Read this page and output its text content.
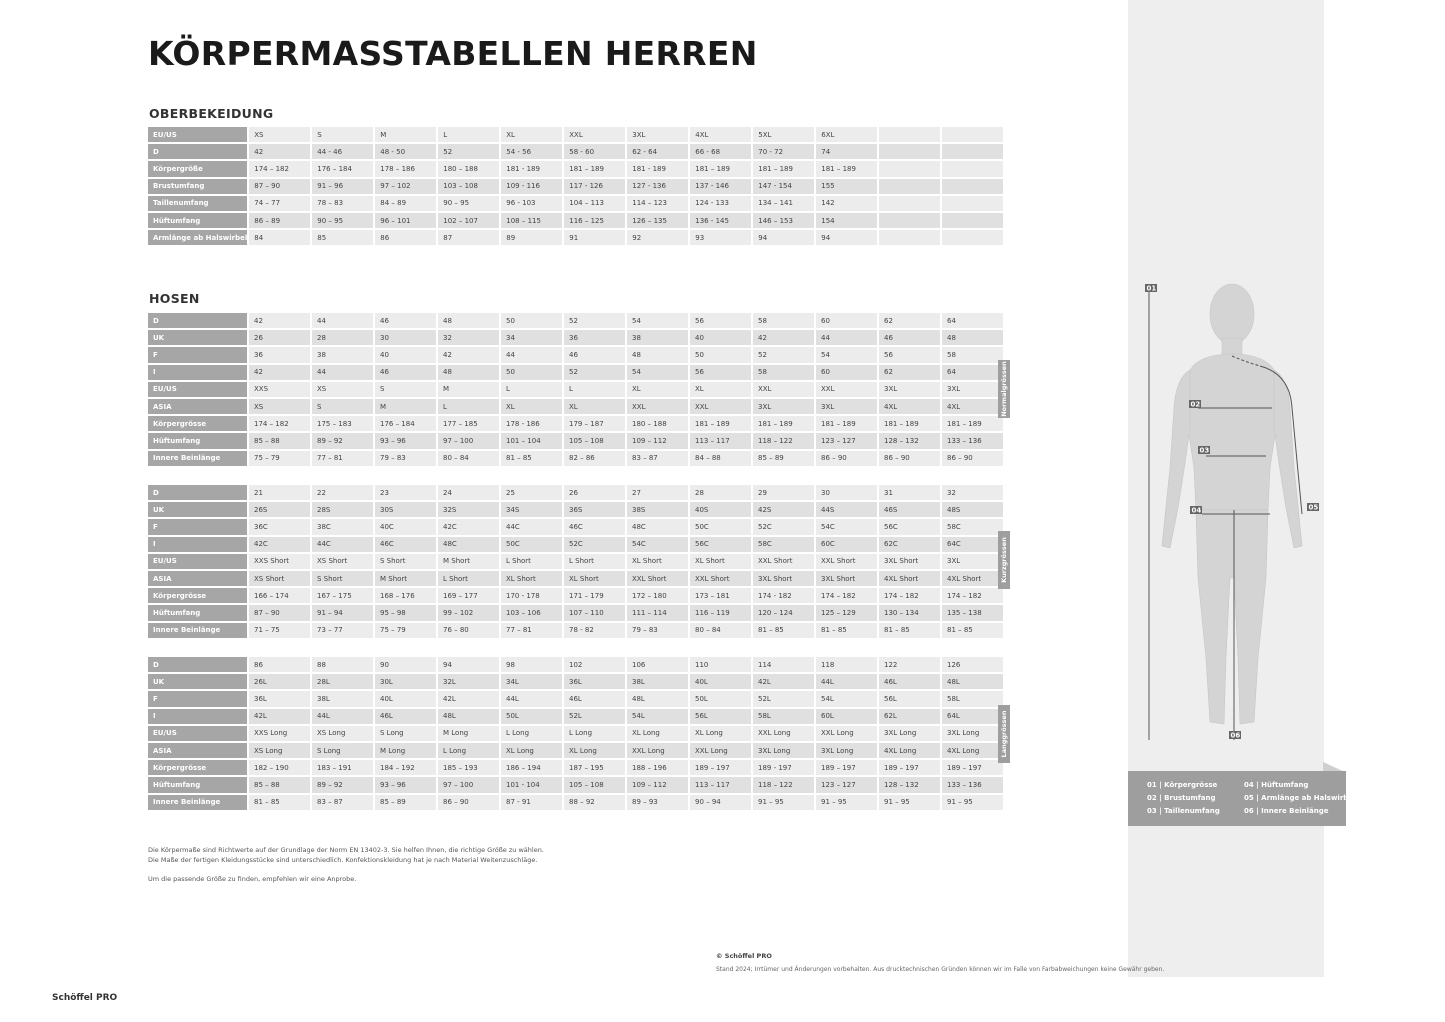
01
02
03
04	05
06
01 | Körpergrösse
02 | Brustumfang
03 | Taillenumfang
04 | Hüftumfang
05 | Armlänge ab Halswirbel
06 | Innere Beinlänge
KÖRPERMASSTABELLEN HERREN
OBERBEKEIDUNG
EU/US	XS	S	M	L	XL	XXL	3XL	4XL	5XL	6XL		
D	42	44 - 46	48 - 50	52	54 - 56	58 - 60	62 - 64	66 - 68	70 - 72	74		
Körpergröße	174 – 182	176 – 184	178 – 186	180 – 188	181 - 189	181 – 189	181 - 189	181 – 189	181 – 189	181 – 189		
Brustumfang	87 – 90	91 – 96	97 – 102	103 – 108	109 - 116	117 - 126	127 - 136	137 - 146	147 - 154	155		
Taillenumfang	74 – 77	78 – 83	84 – 89	90 – 95	96 - 103	104 – 113	114 – 123	124 - 133	134 – 141	142		
Hüftumfang	86 – 89	90 – 95	96 – 101	102 – 107	108 – 115	116 – 125	126 – 135	136 - 145	146 – 153	154		
Armlänge ab Halswirbel	84	85	86	87	89	91	92	93	94	94		
HOSEN
D	42	44	46	48	50	52	54	56	58	60	62	64
UK	26	28	30	32	34	36	38	40	42	44	46	48
F	36	38	40	42	44	46	48	50	52	54	56	58
I	42	44	46	48	50	52	54	56	58	60	62	64
EU/US	XXS	XS	S	M	L	L	XL	XL	XXL	XXL	3XL	3XL
ASIA	XS	S	M	L	XL	XL	XXL	XXL	3XL	3XL	4XL	4XL
Körpergrösse	174 – 182	175 – 183	176 – 184	177 – 185	178 - 186	179 – 187	180 – 188	181 – 189	181 – 189	181 – 189	181 – 189	181 – 189
Hüftumfang	85 – 88	89 – 92	93 – 96	97 – 100	101 – 104	105 – 108	109 – 112	113 – 117	118 – 122	123 – 127	128 – 132	133 – 136
Innere Beinlänge	75 – 79	77 – 81	79 – 83	80 – 84	81 – 85	82 – 86	83 – 87	84 – 88	85 – 89	86 – 90	86 – 90	86 – 90
Normalgrössen
D	21	22	23	24	25	26	27	28	29	30	31	32
UK	26S	28S	30S	32S	34S	36S	38S	40S	42S	44S	46S	48S
F	36C	38C	40C	42C	44C	46C	48C	50C	52C	54C	56C	58C
I	42C	44C	46C	48C	50C	52C	54C	56C	58C	60C	62C	64C
EU/US	XXS Short	XS Short	S Short	M Short	L Short	L Short	XL Short	XL Short	XXL Short	XXL Short	3XL Short	3XL
ASIA	XS Short	S Short	M Short	L Short	XL Short	XL Short	XXL Short	XXL Short	3XL Short	3XL Short	4XL Short	4XL Short
Körpergrösse	166 – 174	167 – 175	168 – 176	169 – 177	170 - 178	171 – 179	172 – 180	173 – 181	174 - 182	174 – 182	174 – 182	174 – 182
Hüftumfang	87 – 90	91 – 94	95 – 98	99 – 102	103 – 106	107 – 110	111 – 114	116 – 119	120 – 124	125 – 129	130 – 134	135 – 138
Innere Beinlänge	71 – 75	73 – 77	75 – 79	76 – 80	77 – 81	78 - 82	79 – 83	80 – 84	81 – 85	81 – 85	81 – 85	81 – 85
Kurzgrössen
D	86	88	90	94	98	102	106	110	114	118	122	126
UK	26L	28L	30L	32L	34L	36L	38L	40L	42L	44L	46L	48L
F	36L	38L	40L	42L	44L	46L	48L	50L	52L	54L	56L	58L
I	42L	44L	46L	48L	50L	52L	54L	56L	58L	60L	62L	64L
EU/US	XXS Long	XS Long	S Long	M Long	L Long	L Long	XL Long	XL Long	XXL Long	XXL Long	3XL Long	3XL Long
ASIA	XS Long	S Long	M Long	L Long	XL Long	XL Long	XXL Long	XXL Long	3XL Long	3XL Long	4XL Long	4XL Long
Körpergrösse	182 – 190	183 – 191	184 – 192	185 – 193	186 – 194	187 – 195	188 – 196	189 – 197	189 - 197	189 – 197	189 – 197	189 – 197
Hüftumfang	85 – 88	89 – 92	93 – 96	97 – 100	101 - 104	105 – 108	109 – 112	113 – 117	118 – 122	123 – 127	128 – 132	133 – 136
Innere Beinlänge	81 – 85	83 – 87	85 – 89	86 – 90	87 - 91	88 – 92	89 – 93	90 – 94	91 – 95	91 – 95	91 – 95	91 – 95
Langgrössen

Die Körpermaße sind Richtwerte auf der Grundlage der Norm EN 13402-3. Sie helfen Ihnen, die richtige Größe zu wählen.

Die Maße der fertigen Kleidungsstücke sind unterschiedlich. Konfektionskleidung hat je nach Material Weitenzuschläge.

Um die passende Größe zu finden, empfehlen wir eine Anprobe.

© Schöffel PRO
Stand 2024; Irrtümer und Änderungen vorbehalten. Aus drucktechnischen Gründen können wir im Falle von Farbabweichungen keine Gewähr geben.
Schöffel PRO
